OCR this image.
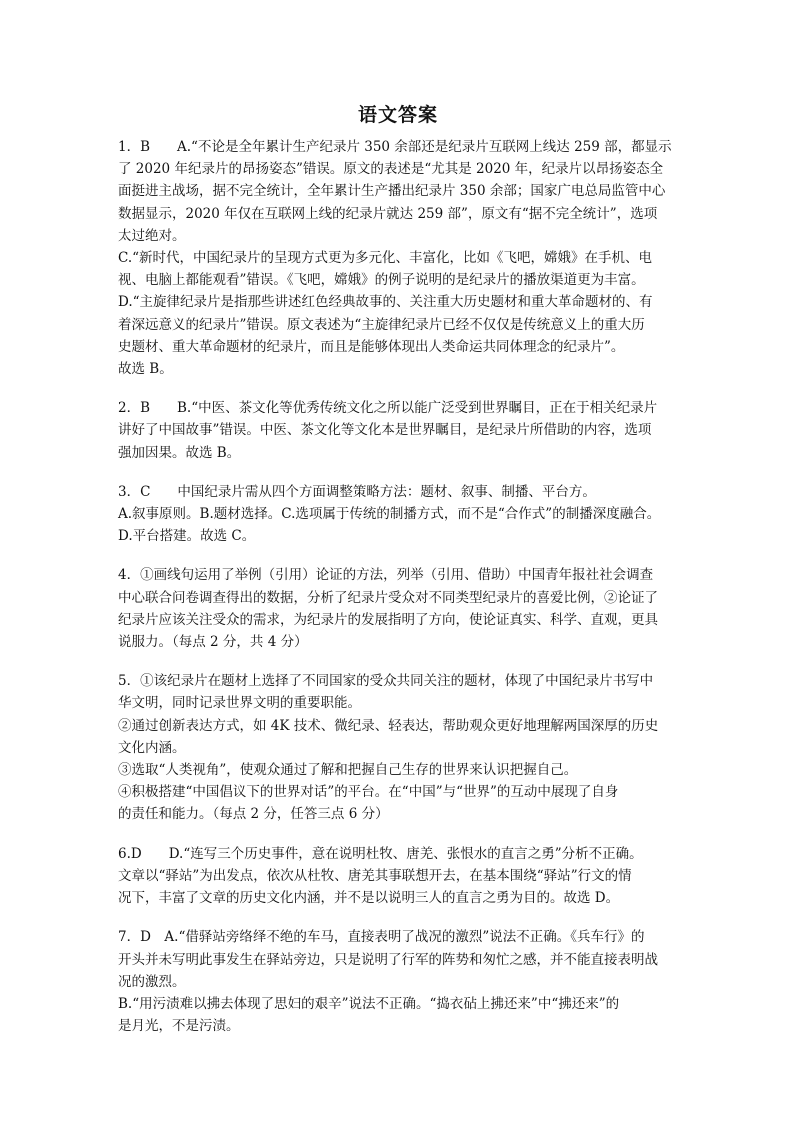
语文答案
1．B　　A.“不论是全年累计生产纪录片 350 余部还是纪录片互联网上线达 259 部，都显示
了 2020 年纪录片的昂扬姿态”错误。原文的表述是“尤其是 2020 年，纪录片以昂扬姿态全
面挺进主战场，据不完全统计，全年累计生产播出纪录片 350 余部；国家广电总局监管中心
数据显示，2020 年仅在互联网上线的纪录片就达 259 部”，原文有“据不完全统计”，选项
太过绝对。
C.“新时代，中国纪录片的呈现方式更为多元化、丰富化，比如《飞吧，嫦娥》在手机、电
视、电脑上都能观看”错误。《飞吧，嫦娥》的例子说明的是纪录片的播放渠道更为丰富。
D.“主旋律纪录片是指那些讲述红色经典故事的、关注重大历史题材和重大革命题材的、有
着深远意义的纪录片”错误。原文表述为“主旋律纪录片已经不仅仅是传统意义上的重大历
史题材、重大革命题材的纪录片，而且是能够体现出人类命运共同体理念的纪录片”。
故选 B。
2．B　　B.“中医、茶文化等优秀传统文化之所以能广泛受到世界瞩目，正在于相关纪录片
讲好了中国故事”错误。中医、茶文化等文化本是世界瞩目，是纪录片所借助的内容，选项
强加因果。故选 B。
3．C　　中国纪录片需从四个方面调整策略方法：题材、叙事、制播、平台方。
A.叙事原则。B.题材选择。C.选项属于传统的制播方式，而不是“合作式”的制播深度融合。
D.平台搭建。故选 C。
4．①画线句运用了举例（引用）论证的方法，列举（引用、借助）中国青年报社社会调查
中心联合问卷调查得出的数据，分析了纪录片受众对不同类型纪录片的喜爱比例，②论证了
纪录片应该关注受众的需求，为纪录片的发展指明了方向，使论证真实、科学、直观，更具
说服力。（每点 2 分，共 4 分）
5．①该纪录片在题材上选择了不同国家的受众共同关注的题材，体现了中国纪录片书写中
华文明，同时记录世界文明的重要职能。
②通过创新表达方式，如 4K 技术、微纪录、轻表达，帮助观众更好地理解两国深厚的历史
文化内涵。
③选取“人类视角”，使观众通过了解和把握自己生存的世界来认识把握自己。
④积极搭建“中国倡议下的世界对话”的平台。在“中国”与“世界”的互动中展现了自身
的责任和能力。（每点 2 分，任答三点 6 分）
6.D　　D.“连写三个历史事件，意在说明杜牧、唐羌、张恨水的直言之勇”分析不正确。
文章以“驿站”为出发点，依次从杜牧、唐羌其事联想开去，在基本围绕“驿站”行文的情
况下，丰富了文章的历史文化内涵，并不是以说明三人的直言之勇为目的。故选 D。
7．D　A.“借驿站旁络绎不绝的车马，直接表明了战况的激烈”说法不正确。《兵车行》的
开头并未写明此事发生在驿站旁边，只是说明了行军的阵势和匆忙之感，并不能直接表明战
况的激烈。
B.“用污渍难以拂去体现了思妇的艰辛”说法不正确。“捣衣砧上拂还来”中“拂还来”的
是月光，不是污渍。
